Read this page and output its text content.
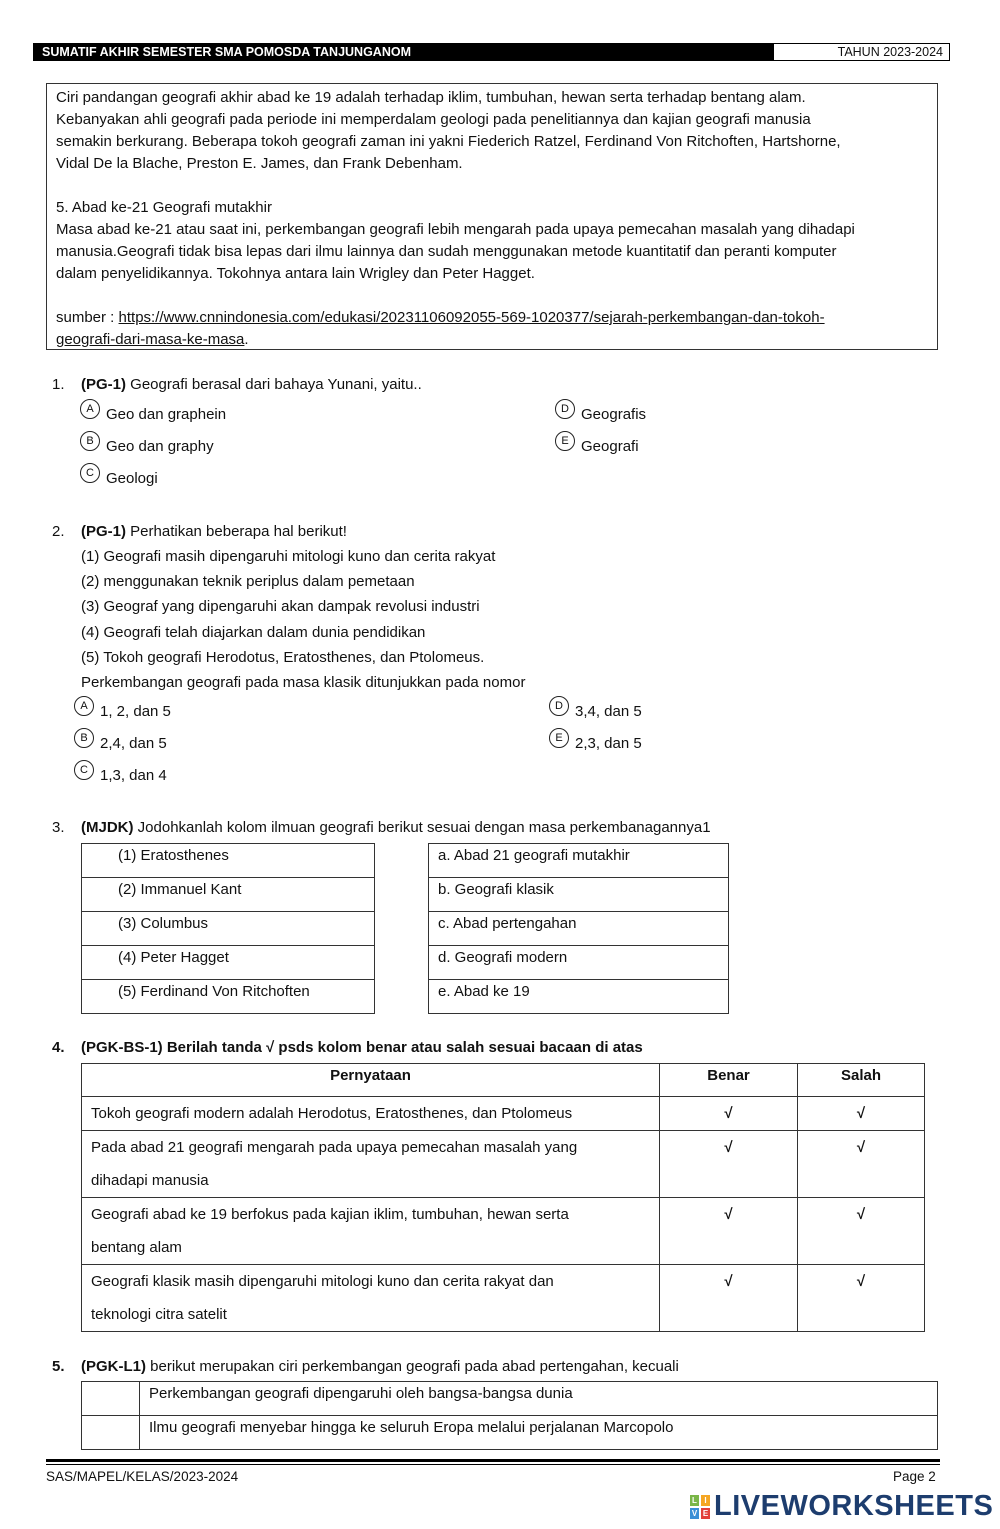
SUMATIF AKHIR SEMESTER SMA POMOSDA TANJUNGANOM	TAHUN 2023-2024
Ciri pandangan geografi akhir abad ke 19 adalah terhadap iklim, tumbuhan, hewan serta terhadap bentang alam.
Kebanyakan ahli geografi pada periode ini memperdalam geologi pada penelitiannya dan kajian geografi manusia
semakin berkurang. Beberapa tokoh geografi zaman ini yakni Fiederich Ratzel, Ferdinand Von Ritchoften, Hartshorne,
Vidal De la Blache, Preston E. James, dan Frank Debenham.
5. Abad ke-21 Geografi mutakhir
Masa abad ke-21 atau saat ini, perkembangan geografi lebih mengarah pada upaya pemecahan masalah yang dihadapi
manusia.Geografi tidak bisa lepas dari ilmu lainnya dan sudah menggunakan metode kuantitatif dan peranti komputer
dalam penyelidikannya. Tokohnya antara lain Wrigley dan Peter Hagget.
sumber : https://www.cnnindonesia.com/edukasi/20231106092055-569-1020377/sejarah-perkembangan-dan-tokoh-
geografi-dari-masa-ke-masa.
1. (PG-1) Geografi berasal dari bahaya Yunani, yaitu..
A Geo dan graphein
B Geo dan graphy
C Geologi
D Geografis
E Geografi
2. (PG-1) Perhatikan beberapa hal berikut!
(1) Geografi masih dipengaruhi mitologi kuno dan cerita rakyat
(2) menggunakan teknik periplus dalam pemetaan
(3) Geograf yang dipengaruhi akan dampak revolusi industri
(4) Geografi telah diajarkan dalam dunia pendidikan
(5) Tokoh geografi Herodotus, Eratosthenes, dan Ptolomeus.
Perkembangan geografi pada masa klasik ditunjukkan pada nomor
A 1, 2, dan 5
B 2,4, dan 5
C 1,3, dan 4
D 3,4, dan 5
E 2,3, dan 5
3. (MJDK) Jodohkanlah kolom ilmuan geografi berikut sesuai dengan masa perkembanagannya1
(1) Eratosthenes
(2) Immanuel Kant
(3) Columbus
(4) Peter Hagget
(5) Ferdinand Von Ritchoften
a. Abad 21 geografi mutakhir
b. Geografi klasik
c. Abad pertengahan
d. Geografi modern
e. Abad ke 19
4. (PGK-BS-1) Berilah tanda √ psds kolom benar atau salah sesuai bacaan di atas
Pernyataan	Benar	Salah

Tokoh geografi modern adalah Herodotus, Eratosthenes, dan Ptolomeus	√	√

Pada abad 21 geografi mengarah pada upaya pemecahan masalah yang
dihadapi manusia	√	√

Geografi abad ke 19 berfokus pada kajian iklim, tumbuhan, hewan serta
bentang alam	√	√

Geografi klasik masih dipengaruhi mitologi kuno dan cerita rakyat dan
teknologi citra satelit	√	√
5. (PGK-L1) berikut merupakan ciri perkembangan geografi pada abad pertengahan, kecuali
	Perkembangan geografi dipengaruhi oleh bangsa-bangsa dunia
	Ilmu geografi menyebar hingga ke seluruh Eropa melalui perjalanan Marcopolo
SAS/MAPEL/KELAS/2023-2024	Page 2
L I
V E LIVEWORKSHEETS
